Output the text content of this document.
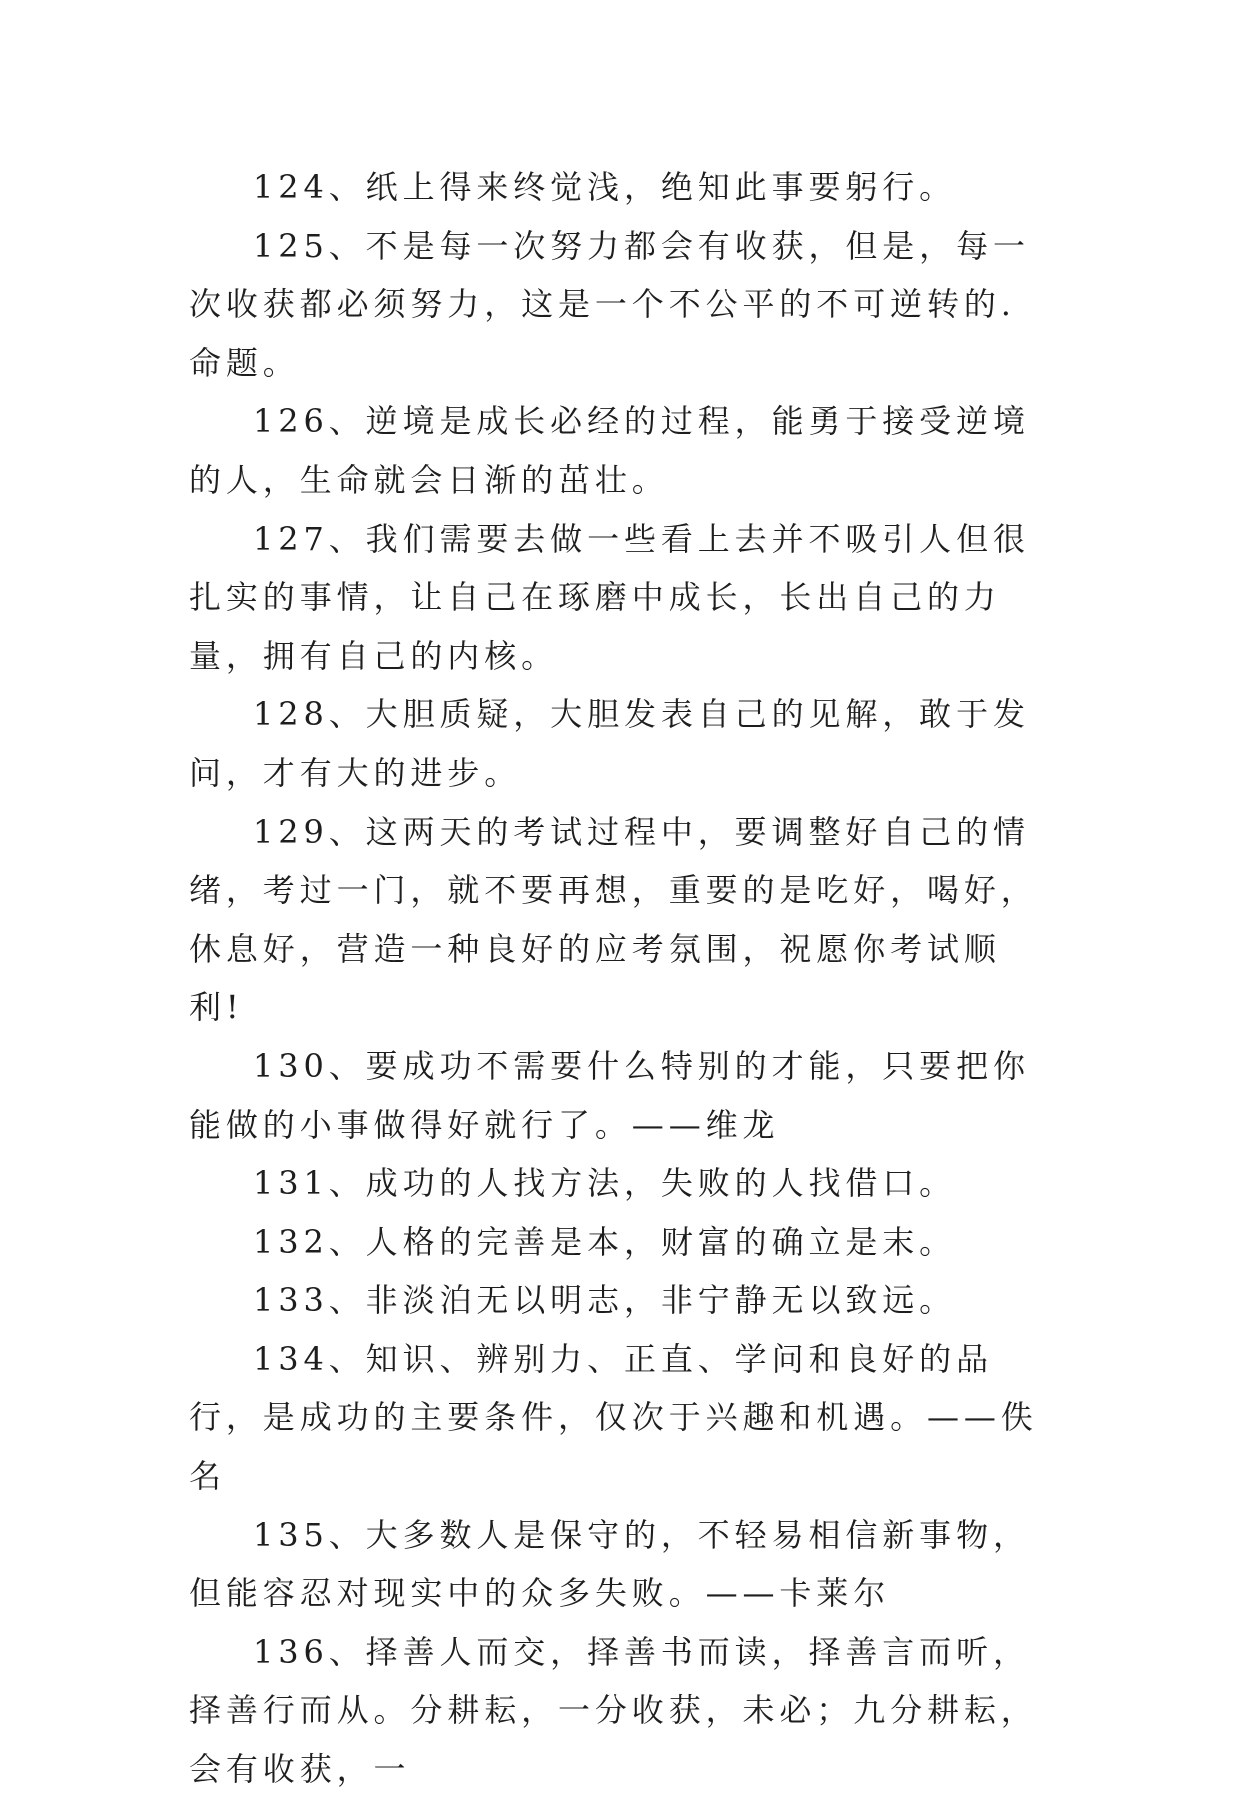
124、纸上得来终觉浅，绝知此事要躬行。

125、不是每一次努力都会有收获，但是，每一次收获都必须努力，这是一个不公平的不可逆转的.命题。

126、逆境是成长必经的过程，能勇于接受逆境的人，生命就会日渐的茁壮。

127、我们需要去做一些看上去并不吸引人但很扎实的事情，让自己在琢磨中成长，长出自己的力量，拥有自己的内核。

128、大胆质疑，大胆发表自己的见解，敢于发问，才有大的进步。

129、这两天的考试过程中，要调整好自己的情绪，考过一门，就不要再想，重要的是吃好，喝好，休息好，营造一种良好的应考氛围，祝愿你考试顺利!

130、要成功不需要什么特别的才能，只要把你能做的小事做得好就行了。——维龙

131、成功的人找方法，失败的人找借口。

132、人格的完善是本，财富的确立是末。

133、非淡泊无以明志，非宁静无以致远。

134、知识、辨别力、正直、学问和良好的品行，是成功的主要条件，仅次于兴趣和机遇。——佚名

135、大多数人是保守的，不轻易相信新事物，但能容忍对现实中的众多失败。——卡莱尔

136、择善人而交，择善书而读，择善言而听，择善行而从。分耕耘，一分收获，未必；九分耕耘，会有收获，一
